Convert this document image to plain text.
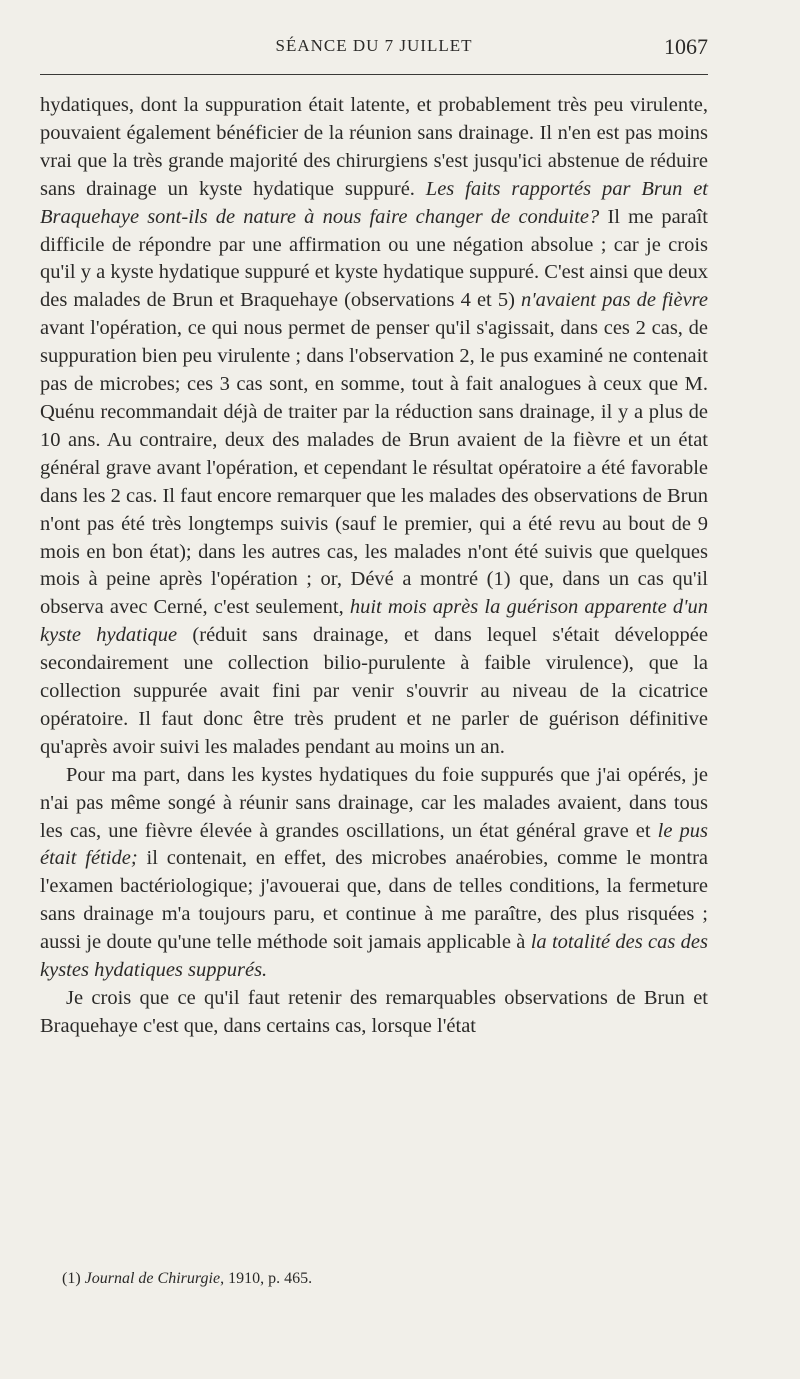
SÉANCE DU 7 JUILLET	1067

hydatiques, dont la suppuration était latente, et probablement très peu virulente, pouvaient également bénéficier de la réunion sans drainage. Il n'en est pas moins vrai que la très grande majorité des chirurgiens s'est jusqu'ici abstenue de réduire sans drainage un kyste hydatique suppuré. Les faits rapportés par Brun et Braquehaye sont-ils de nature à nous faire changer de conduite? Il me paraît difficile de répondre par une affirmation ou une négation absolue ; car je crois qu'il y a kyste hydatique suppuré et kyste hydatique suppuré. C'est ainsi que deux des malades de Brun et Braquehaye (observations 4 et 5) n'avaient pas de fièvre avant l'opération, ce qui nous permet de penser qu'il s'agissait, dans ces 2 cas, de suppuration bien peu virulente ; dans l'observation 2, le pus examiné ne contenait pas de microbes; ces 3 cas sont, en somme, tout à fait analogues à ceux que M. Quénu recommandait déjà de traiter par la réduction sans drainage, il y a plus de 10 ans. Au contraire, deux des malades de Brun avaient de la fièvre et un état général grave avant l'opération, et cependant le résultat opératoire a été favorable dans les 2 cas. Il faut encore remarquer que les malades des observations de Brun n'ont pas été très longtemps suivis (sauf le premier, qui a été revu au bout de 9 mois en bon état); dans les autres cas, les malades n'ont été suivis que quelques mois à peine après l'opération ; or, Dévé a montré (1) que, dans un cas qu'il observa avec Cerné, c'est seulement, huit mois après la guérison apparente d'un kyste hydatique (réduit sans drainage, et dans lequel s'était développée secondairement une collection bilio-purulente à faible virulence), que la collection suppurée avait fini par venir s'ouvrir au niveau de la cicatrice opératoire. Il faut donc être très prudent et ne parler de guérison définitive qu'après avoir suivi les malades pendant au moins un an.

Pour ma part, dans les kystes hydatiques du foie suppurés que j'ai opérés, je n'ai pas même songé à réunir sans drainage, car les malades avaient, dans tous les cas, une fièvre élevée à grandes oscillations, un état général grave et le pus était fétide; il contenait, en effet, des microbes anaérobies, comme le montra l'examen bactériologique; j'avouerai que, dans de telles conditions, la fermeture sans drainage m'a toujours paru, et continue à me paraître, des plus risquées ; aussi je doute qu'une telle méthode soit jamais applicable à la totalité des cas des kystes hydatiques suppurés.

Je crois que ce qu'il faut retenir des remarquables observations de Brun et Braquehaye c'est que, dans certains cas, lorsque l'état

(1) Journal de Chirurgie, 1910, p. 465.
